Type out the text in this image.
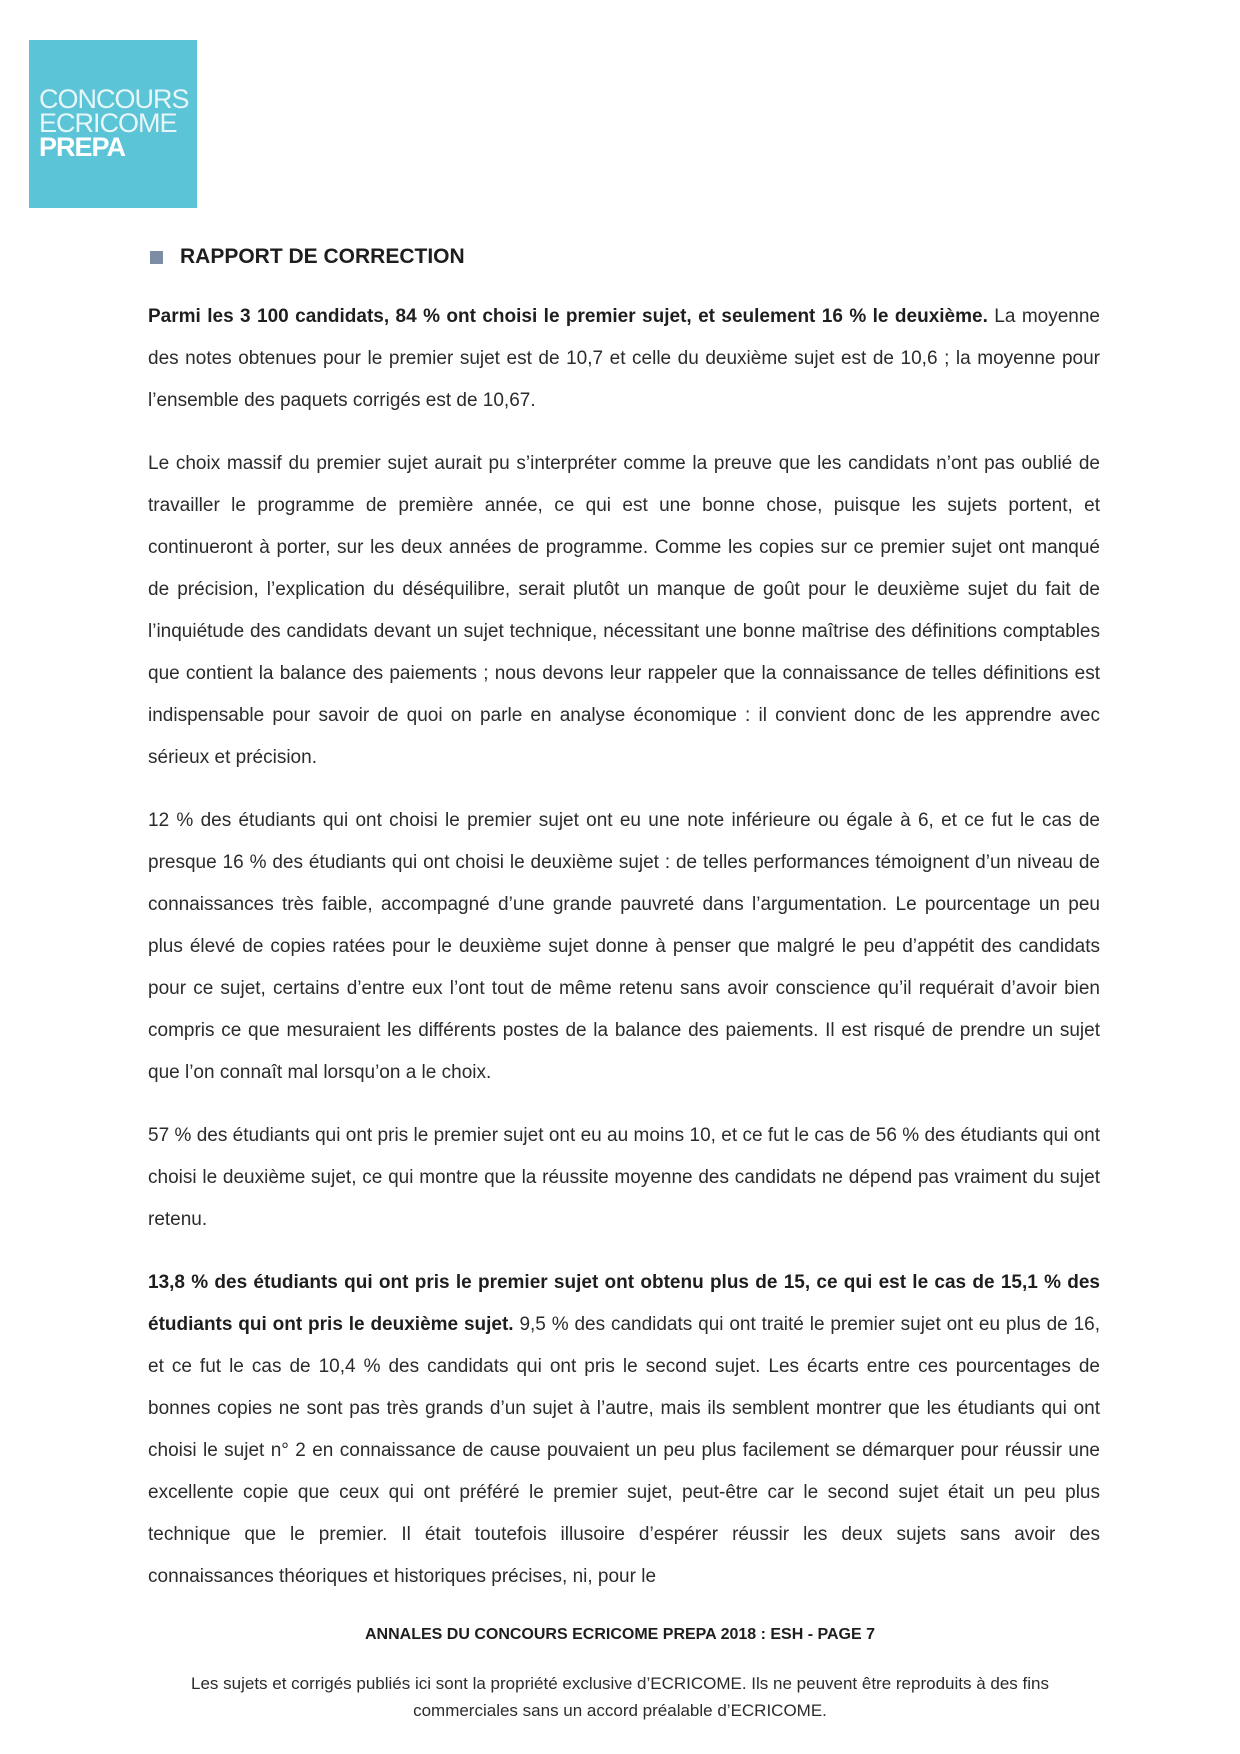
CONCOURS
ECRICOME
PREPA
RAPPORT DE CORRECTION

Parmi les 3 100 candidats, 84 % ont choisi le premier sujet, et seulement 16 % le deuxième. La moyenne des notes obtenues pour le premier sujet est de 10,7 et celle du deuxième sujet est de 10,6 ; la moyenne pour l’ensemble des paquets corrigés est de 10,67.

Le choix massif du premier sujet aurait pu s’interpréter comme la preuve que les candidats n’ont pas oublié de travailler le programme de première année, ce qui est une bonne chose, puisque les sujets portent, et continueront à porter, sur les deux années de programme. Comme les copies sur ce premier sujet ont manqué de précision, l’explication du déséquilibre, serait plutôt un manque de goût pour le deuxième sujet du fait de l’inquiétude des candidats devant un sujet technique, nécessitant une bonne maîtrise des définitions comptables que contient la balance des paiements ; nous devons leur rappeler que la connaissance de telles définitions est indispensable pour savoir de quoi on parle en analyse économique : il convient donc de les apprendre avec sérieux et précision.

12 % des étudiants qui ont choisi le premier sujet ont eu une note inférieure ou égale à 6, et ce fut le cas de presque 16 % des étudiants qui ont choisi le deuxième sujet : de telles performances témoignent d’un niveau de connaissances très faible, accompagné d’une grande pauvreté dans l’argumentation. Le pourcentage un peu plus élevé de copies ratées pour le deuxième sujet donne à penser que malgré le peu d’appétit des candidats pour ce sujet, certains d’entre eux l’ont tout de même retenu sans avoir conscience qu’il requérait d’avoir bien compris ce que mesuraient les différents postes de la balance des paiements. Il est risqué de prendre un sujet que l’on connaît mal lorsqu’on a le choix.

57 % des étudiants qui ont pris le premier sujet ont eu au moins 10, et ce fut le cas de 56 % des étudiants qui ont choisi le deuxième sujet, ce qui montre que la réussite moyenne des candidats ne dépend pas vraiment du sujet retenu.

13,8 % des étudiants qui ont pris le premier sujet ont obtenu plus de 15, ce qui est le cas de 15,1 % des étudiants qui ont pris le deuxième sujet. 9,5 % des candidats qui ont traité le premier sujet ont eu plus de 16, et ce fut le cas de 10,4 % des candidats qui ont pris le second sujet. Les écarts entre ces pourcentages de bonnes copies ne sont pas très grands d’un sujet à l’autre, mais ils semblent montrer que les étudiants qui ont choisi le sujet n° 2 en connaissance de cause pouvaient un peu plus facilement se démarquer pour réussir une excellente copie que ceux qui ont préféré le premier sujet, peut-être car le second sujet était un peu plus technique que le premier. Il était toutefois illusoire d’espérer réussir les deux sujets sans avoir des connaissances théoriques et historiques précises, ni, pour le

ANNALES DU CONCOURS ECRICOME PREPA 2018 : ESH - PAGE 7
Les sujets et corrigés publiés ici sont la propriété exclusive d’ECRICOME. Ils ne peuvent être reproduits à des fins commerciales sans un accord préalable d’ECRICOME.
